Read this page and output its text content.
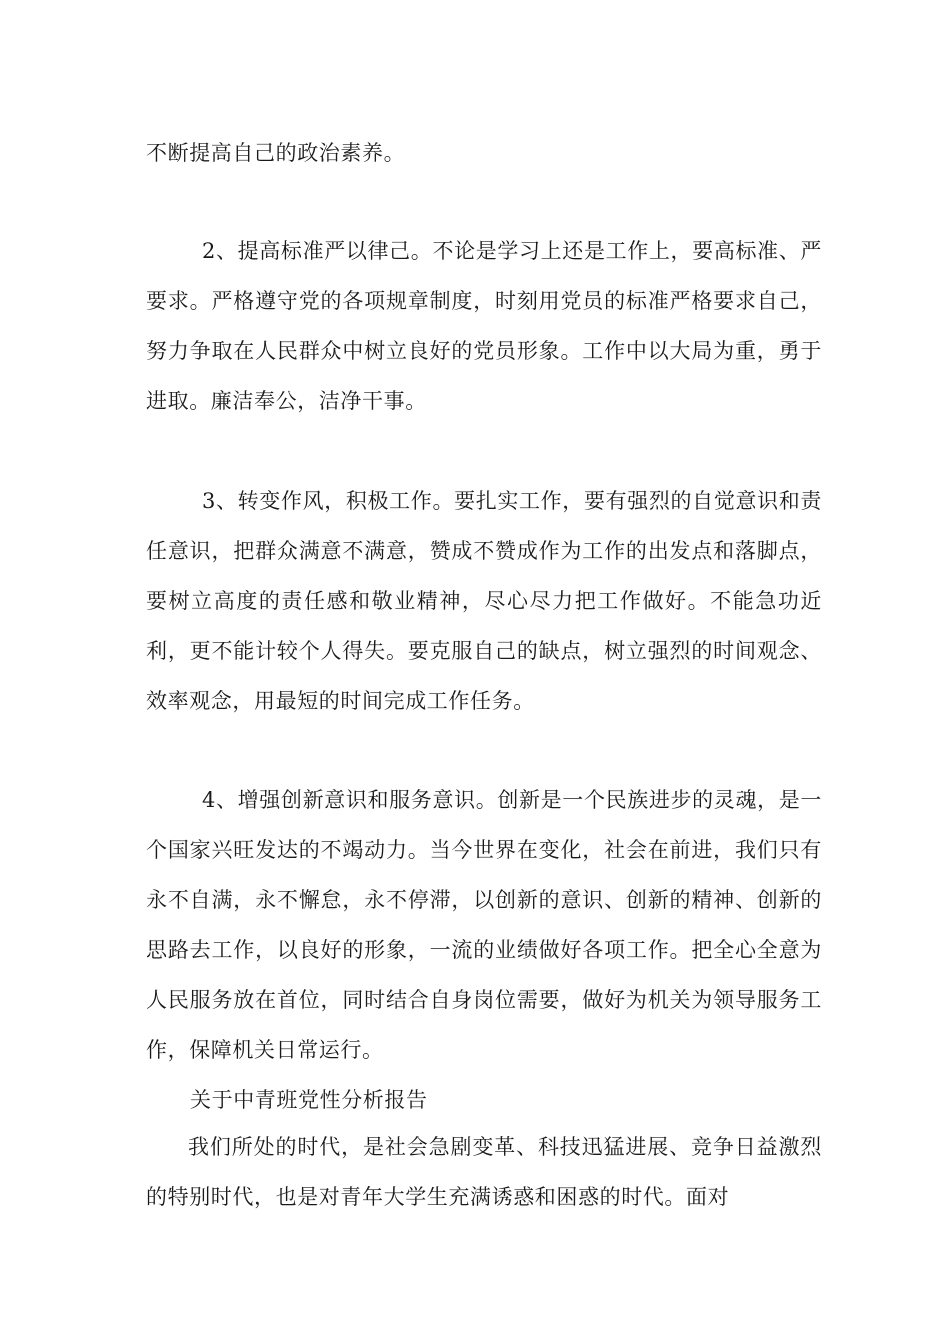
不断提高自己的政治素养。

2、提高标准严以律己。不论是学习上还是工作上，要高标准、严要求。严格遵守党的各项规章制度，时刻用党员的标准严格要求自己，努力争取在人民群众中树立良好的党员形象。工作中以大局为重，勇于进取。廉洁奉公，洁净干事。

3、转变作风，积极工作。要扎实工作，要有强烈的自觉意识和责任意识，把群众满意不满意，赞成不赞成作为工作的出发点和落脚点，要树立高度的责任感和敬业精神，尽心尽力把工作做好。不能急功近利，更不能计较个人得失。要克服自己的缺点，树立强烈的时间观念、效率观念，用最短的时间完成工作任务。

4、增强创新意识和服务意识。创新是一个民族进步的灵魂，是一个国家兴旺发达的不竭动力。当今世界在变化，社会在前进，我们只有永不自满，永不懈怠，永不停滞，以创新的意识、创新的精神、创新的思路去工作，以良好的形象，一流的业绩做好各项工作。把全心全意为人民服务放在首位，同时结合自身岗位需要，做好为机关为领导服务工作，保障机关日常运行。

关于中青班党性分析报告

我们所处的时代，是社会急剧变革、科技迅猛进展、竞争日益激烈的特别时代，也是对青年大学生充满诱惑和困惑的时代。面对
